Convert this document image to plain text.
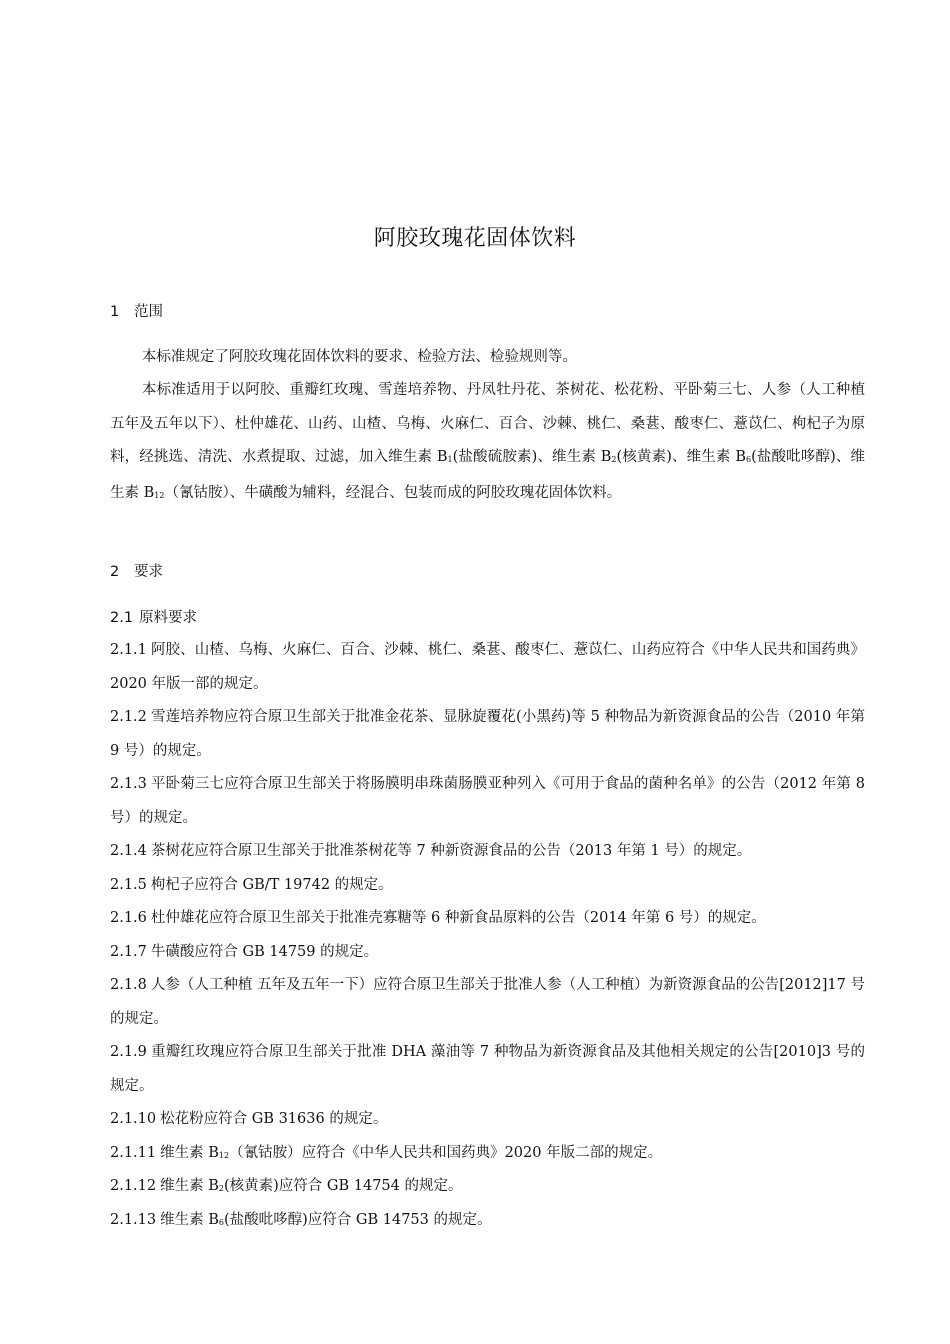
阿胶玫瑰花固体饮料
1 范围
本标准规定了阿胶玫瑰花固体饮料的要求、检验方法、检验规则等。
本标准适用于以阿胶、重瓣红玫瑰、雪莲培养物、丹凤牡丹花、茶树花、松花粉、平卧菊三七、人参（人工种植 五年及五年以下）、杜仲雄花、山药、山楂、乌梅、火麻仁、百合、沙棘、桃仁、桑葚、酸枣仁、薏苡仁、枸杞子为原料，经挑选、清洗、水煮提取、过滤，加入维生素 $B_1$(盐酸硫胺素)、维生素 $B_2$(核黄素)、维生素 $B_6$(盐酸吡哆醇)、维生素 $B_{12}$（氰钴胺）、牛磺酸为辅料，经混合、包装而成的阿胶玫瑰花固体饮料。
2 要求
2.1 原料要求
2.1.1 阿胶、山楂、乌梅、火麻仁、百合、沙棘、桃仁、桑葚、酸枣仁、薏苡仁、山药应符合《中华人民共和国药典》2020 年版一部的规定。
2.1.2 雪莲培养物应符合原卫生部关于批准金花茶、显脉旋覆花(小黑药)等 5 种物品为新资源食品的公告（2010 年第 9 号）的规定。
2.1.3 平卧菊三七应符合原卫生部关于将肠膜明串珠菌肠膜亚种列入《可用于食品的菌种名单》的公告（2012 年第 8 号）的规定。
2.1.4 茶树花应符合原卫生部关于批准茶树花等 7 种新资源食品的公告（2013 年第 1 号）的规定。
2.1.5 枸杞子应符合 GB/T 19742 的规定。
2.1.6 杜仲雄花应符合原卫生部关于批准壳寡糖等 6 种新食品原料的公告（2014 年第 6 号）的规定。
2.1.7 牛磺酸应符合 GB 14759 的规定。
2.1.8 人参（人工种植 五年及五年一下）应符合原卫生部关于批准人参（人工种植）为新资源食品的公告[2012]17 号的规定。
2.1.9 重瓣红玫瑰应符合原卫生部关于批准 DHA 藻油等 7 种物品为新资源食品及其他相关规定的公告[2010]3 号的规定。
2.1.10 松花粉应符合 GB 31636 的规定。
2.1.11 维生素 $B_{12}$（氰钴胺）应符合《中华人民共和国药典》2020 年版二部的规定。
2.1.12 维生素 $B_2$(核黄素)应符合 GB 14754 的规定。
2.1.13 维生素 $B_6$(盐酸吡哆醇)应符合 GB 14753 的规定。
